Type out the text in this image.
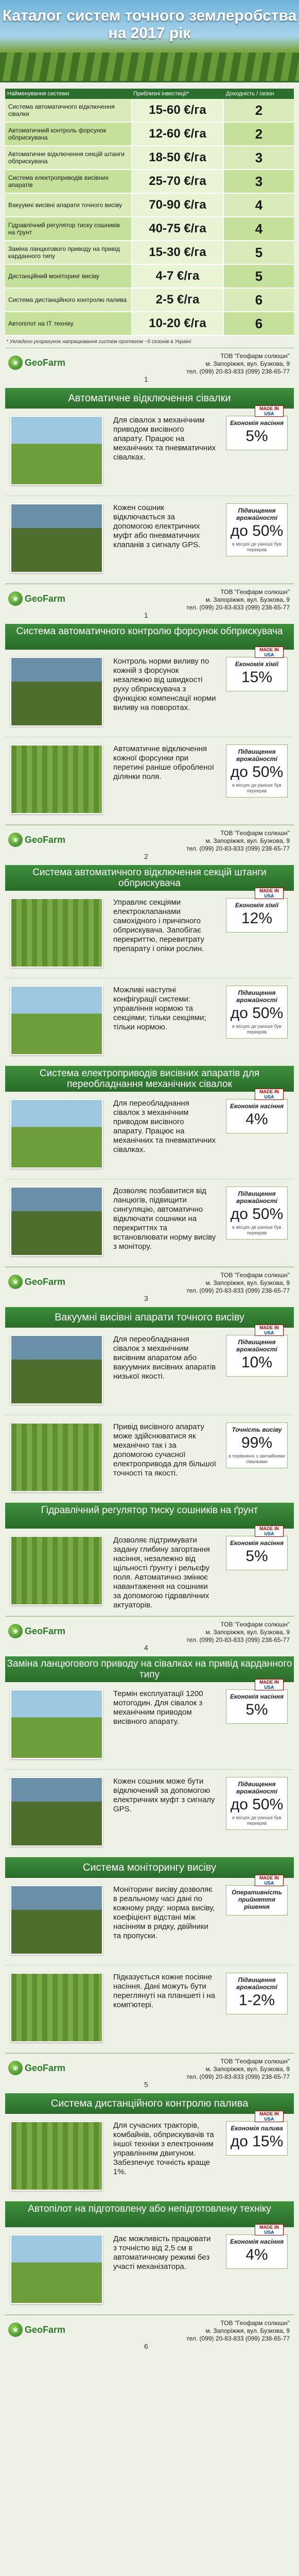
Каталог систем точного землеробства на 2017 рік
Найменування системи	Приблизні інвестиції*	Доходність / сезон
Система автоматичного відключення сівалки	15-60 €/га	2
Автоматичний контроль форсунок обприскувача	12-60 €/га	2
Автоматичне відключення секцій штанги обприскувача	18-50 €/га	3
Система електроприводів висівних апаратів	25-70 €/га	3
Вакуумні висівні апарати точного висіву	70-90 €/га	4
Гідравлічний регулятор тиску сошників на ґрунт	40-75 €/га	4
Заміна ланцюгового приводу на привід карданного типу	15-30 €/га	5
Дистанційний моніторинг висіву	4-7 €/га	5
Система дистанційного контролю палива	2-5 €/га	6
Автопілот на ІТ техніку	10-20 €/га	6
* Укладено розрахунок напрацювання систем протягом ~5 сезонів в Україні
❀ GeoFarm
ТОВ "Геофарм солюшн"
м. Запоріжжя, вул. Бузкова, 9
тел. (099) 20-83-833 (099) 238-65-77
1
Автоматичне відключення сівалки
Для сівалок з механічним приводом висівного апарату. Працює на механічних та пневматичних сівалках.
Економія насіння
5%
MADE IN
USA
Кожен сошник відключається за допомогою електричних муфт або пневматичних клапанів з сигналу GPS.
Підвищення врожайності
до 50%
в місцях де раніше був перекрив
❀ GeoFarm
ТОВ "Геофарм солюшн"
м. Запоріжжя, вул. Бузкова, 9
тел. (099) 20-83-833 (099) 238-65-77
1
Система автоматичного контролю форсунок обприскувача
Контроль норми виливу по кожній з форсунок незалежно від швидкості руху обприскувача з функцією компенсації норми виливу на поворотах.
Економія хімії
15%
MADE IN
USA
Автоматичне відключення кожної форсунки при перетині раніше обробленої ділянки поля.
Підвищення врожайності
до 50%
в місцях де раніше був перекрив
❀ GeoFarm
ТОВ "Геофарм солюшн"
м. Запоріжжя, вул. Бузкова, 9
тел. (099) 20-83-833 (099) 238-65-77
2
Система автоматичного відключення секцій штанги обприскувача
Управляє секціями електроклапанами самохідного і причіпного обприскувача. Запобігає перекриттю, перевитрату препарату і опіки рослин.
Економія хімії
12%
MADE IN
USA
Можливі наступні конфігурації системи: управління нормою та секціями; тільки секціями; тільки нормою.
Підвищення врожайності
до 50%
в місцях де раніше був перекрив
Система електроприводів висівних апаратів для переобладнання механічних сівалок
Для переобладнання сівалок з механічним приводом висівного апарату. Працює на механічних та пневматичних сівалках.
Економія насіння
4%
MADE IN
USA
Дозволяє позбавитися від ланцюгів, підвищити сингуляцію, автоматично відключати сошники на перекриттях та встановлювати норму висіву з монітору.
Підвищення врожайності
до 50%
в місцях де раніше був перекрив
❀ GeoFarm
ТОВ "Геофарм солюшн"
м. Запоріжжя, вул. Бузкова, 9
тел. (099) 20-83-833 (099) 238-65-77
3
Вакуумні висівні апарати точного висіву
Для переобладнання сівалок з механічним висівним апаратом або вакуумних висівних апаратів низької якості.
Підвищення врожайності
10%
MADE IN
USA
Привід висівного апарату може здійснюватися як механічно так і за допомогою сучасної електропривода для більшої точності та якості.
Точність висіву
99%
в порівнянні з звичайними сівалками
Гідравлічний регулятор тиску сошників на ґрунт
Дозволяє підтримувати задану глибину загортання насіння, незалежно від щільності ґрунту і рельєфу поля. Автоматично змінює навантаження на сошники за допомогою гідравлічних актуаторів.
Економія насіння
5%
MADE IN
USA
❀ GeoFarm
ТОВ "Геофарм солюшн"
м. Запоріжжя, вул. Бузкова, 9
тел. (099) 20-83-833 (099) 238-65-77
4
Заміна ланцюгового приводу на сівалках на привід карданного типу
Термін експлуатації 1200 мотогодин. Для сівалок з механічним приводом висівного апарату.
Економія насіння
5%
MADE IN
USA
Кожен сошник може бути відключений за допомогою електричних муфт з сигналу GPS.
Підвищення врожайності
до 50%
в місцях де раніше був перекрив
Система моніторингу висіву
Моніторинг висіву дозволяє в реальному часі дані по кожному ряду: норма висіву, коефіцієнт відстані між насінням в рядку, двійники та пропуски.
Оперативність прийняття рішення
MADE IN
USA
Підказується кожне посіяне насіння. Дані можуть бути переглянуті на планшеті і на комп'ютері.
Підвищення врожайності
1-2%
❀ GeoFarm
ТОВ "Геофарм солюшн"
м. Запоріжжя, вул. Бузкова, 9
тел. (099) 20-83-833 (099) 238-65-77
5
Система дистанційного контролю палива
Для сучасних тракторів, комбайнів, обприскувачів та іншої техніки з електронним управлінням двигуном. Забезпечує точність краще 1%.
Економія палива
до 15%
MADE IN
USA
Автопілот на підготовлену або непідготовлену техніку
Дає можливість працювати з точністю від 2,5 см в автоматичному режимі без участі механізатора.
Економія насіння
4%
MADE IN
USA
❀ GeoFarm
ТОВ "Геофарм солюшн"
м. Запоріжжя, вул. Бузкова, 9
тел. (099) 20-83-833 (099) 238-65-77
6
